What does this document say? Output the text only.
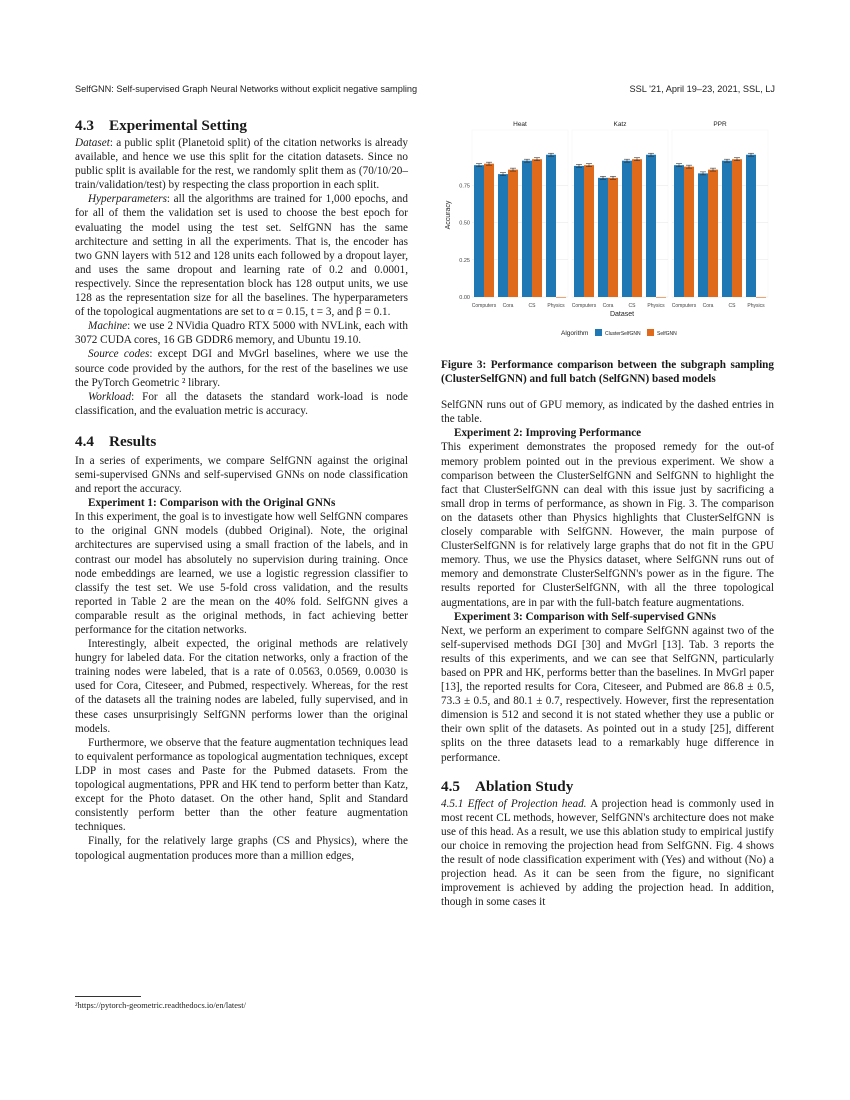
SelfGNN: Self-supervised Graph Neural Networks without explicit negative sampling	SSL '21, April 19–23, 2021, SSL, LJ
4.3 Experimental Setting

Dataset: a public split (Planetoid split) of the citation networks is already available, and hence we use this split for the citation datasets. Since no public split is available for the rest, we randomly split them as (70/10/20–train/validation/test) by respecting the class proportion in each split.

Hyperparameters: all the algorithms are trained for 1,000 epochs, and for all of them the validation set is used to choose the best epoch for evaluating the model using the test set. SelfGNN has the same architecture and setting in all the experiments. That is, the encoder has two GNN layers with 512 and 128 units each followed by a dropout layer, and uses the same dropout and learning rate of 0.2 and 0.0001, respectively. Since the representation block has 128 output units, we use 128 as the representation size for all the baselines. The hyperparameters of the topological augmentations are set to α = 0.15, t = 3, and β = 0.1.

Machine: we use 2 NVidia Quadro RTX 5000 with NVLink, each with 3072 CUDA cores, 16 GB GDDR6 memory, and Ubuntu 19.10.

Source codes: except DGI and MvGrl baselines, where we use the source code provided by the authors, for the rest of the baselines we use the PyTorch Geometric ² library.

Workload: For all the datasets the standard work-load is node classification, and the evaluation metric is accuracy.

4.4 Results

In a series of experiments, we compare SelfGNN against the original semi-supervised GNNs and self-supervised GNNs on node classification and report the accuracy.

Experiment 1: Comparison with the Original GNNs

In this experiment, the goal is to investigate how well SelfGNN compares to the original GNN models (dubbed Original). Note, the original architectures are supervised using a small fraction of the labels, and in contrast our model has absolutely no supervision during training. Once node embeddings are learned, we use a logistic regression classifier to classify the test set. We use 5-fold cross validation, and the results reported in Table 2 are the mean on the 40% fold. SelfGNN gives a comparable result as the original methods, in fact achieving better performance for the citation networks.

Interestingly, albeit expected, the original methods are relatively hungry for labeled data. For the citation networks, only a fraction of the training nodes were labeled, that is a rate of 0.0563, 0.0569, 0.0030 is used for Cora, Citeseer, and Pubmed, respectively. Whereas, for the rest of the datasets all the training nodes are labeled, fully supervised, and in these cases unsurprisingly SelfGNN performs lower than the original models.

Furthermore, we observe that the feature augmentation techniques lead to equivalent performance as topological augmentation techniques, except LDP in most cases and Paste for the Pubmed datasets. From the topological augmentations, PPR and HK tend to perform better than Katz, except for the Photo dataset. On the other hand, Split and Standard consistently perform better than the other feature augmentation techniques.

Finally, for the relatively large graphs (CS and Physics), where the topological augmentation produces more than a million edges,

²https://pytorch-geometric.readthedocs.io/en/latest/
Accuracy
0.00
0.25
0.50
0.75
Heat
Computers Cora	CS Physics
Katz
Computers Cora	CS Physics
PPR
Computers Cora	CS Physics
Dataset
Algorithm	ClusterSelfGNN	SelfGNN
Figure 3: Performance comparison between the subgraph sampling (ClusterSelfGNN) and full batch (SelfGNN) based models

SelfGNN runs out of GPU memory, as indicated by the dashed entries in the table.

Experiment 2: Improving Performance

This experiment demonstrates the proposed remedy for the out-of memory problem pointed out in the previous experiment. We show a comparison between the ClusterSelfGNN and SelfGNN to highlight the fact that ClusterSelfGNN can deal with this issue just by sacrificing a small drop in terms of performance, as shown in Fig. 3. The comparison on the datasets other than Physics highlights that ClusterSelfGNN is closely comparable with SelfGNN. However, the main purpose of ClusterSelfGNN is for relatively large graphs that do not fit in the GPU memory. Thus, we use the Physics dataset, where SelfGNN runs out of memory and demonstrate ClusterSelfGNN's power as in the figure. The results reported for ClusterSelfGNN, with all the three topological augmentations, are in par with the full-batch feature augmentations.

Experiment 3: Comparison with Self-supervised GNNs

Next, we perform an experiment to compare SelfGNN against two of the self-supervised methods DGI [30] and MvGrl [13]. Tab. 3 reports the results of this experiments, and we can see that SelfGNN, particularly based on PPR and HK, performs better than the baselines. In MvGrl paper [13], the reported results for Cora, Citeseer, and Pubmed are 86.8 ± 0.5, 73.3 ± 0.5, and 80.1 ± 0.7, respectively. However, first the representation dimension is 512 and second it is not stated whether they use a public or their own split of the datasets. As pointed out in a study [25], different splits on the three datasets lead to a remarkably huge difference in performance.

4.5 Ablation Study

4.5.1 Effect of Projection head. A projection head is commonly used in most recent CL methods, however, SelfGNN's architecture does not make use of this head. As a result, we use this ablation study to empirical justify our choice in removing the projection head from SelfGNN. Fig. 4 shows the result of node classification experiment with (Yes) and without (No) a projection head. As it can be seen from the figure, no significant improvement is achieved by adding the projection head. In addition, though in some cases it
